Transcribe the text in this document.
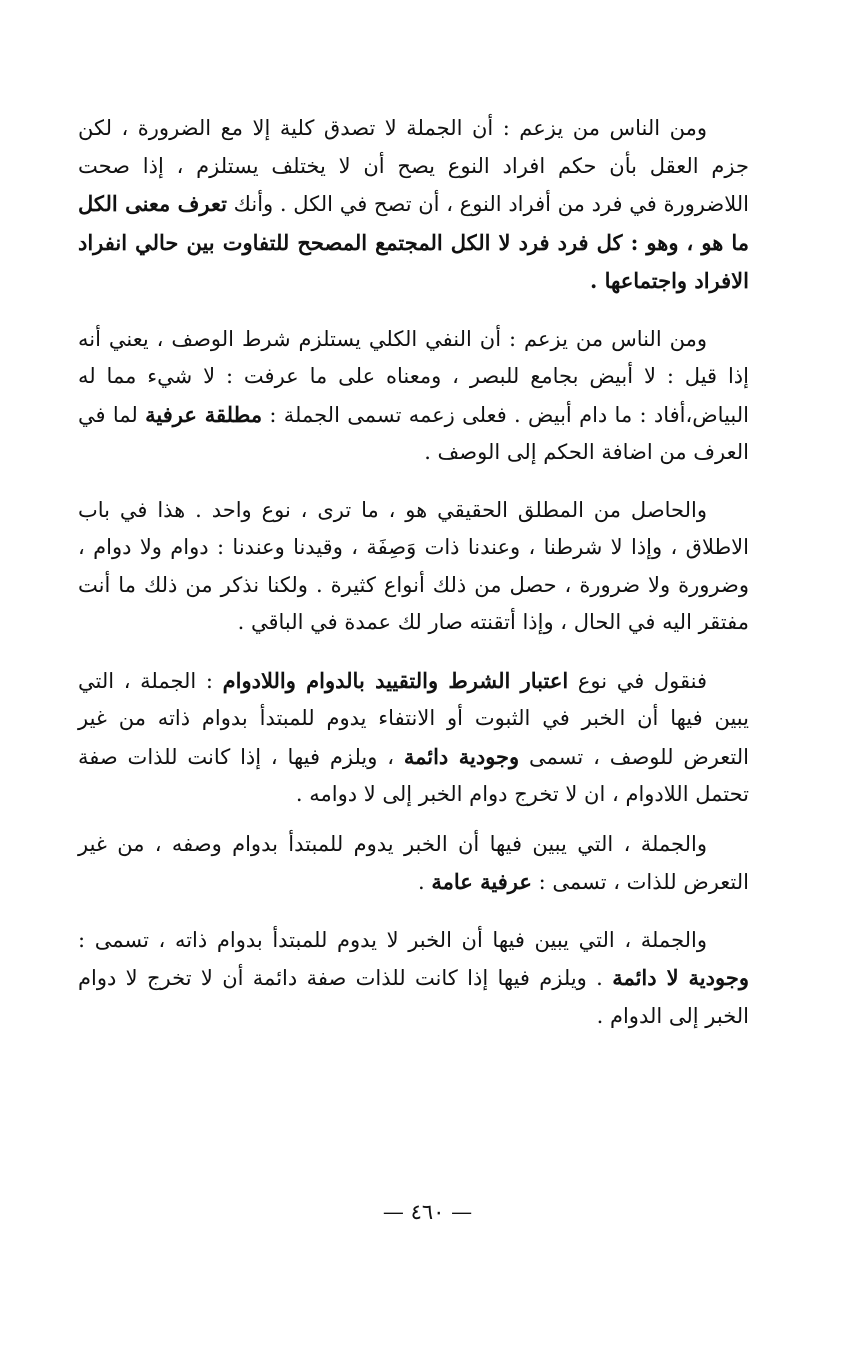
ومن الناس من يزعم : أن الجملة لا تصدق كلية إلا مع الضرورة ، لكن جزم العقل بأن حكم افراد النوع يصح أن لا يختلف يستلزم ، إذا صحت اللاضرورة في فرد من أفراد النوع ، أن تصح في الكل . وأنك تعرف معنى الكل ما هو ، وهو : كل فرد فرد لا الكل المجتمع المصحح للتفاوت بين حالي انفراد الافراد واجتماعها .

ومن الناس من يزعم : أن النفي الكلي يستلزم شرط الوصف ، يعني أنه إذا قيل : لا أبيض بجامع للبصر ، ومعناه على ما عرفت : لا شيء مما له البياض،أفاد : ما دام أبيض . فعلى زعمه تسمى الجملة : مطلقة عرفية لما في العرف من اضافة الحكم إلى الوصف .

والحاصل من المطلق الحقيقي هو ، ما ترى ، نوع واحد . هذا في باب الاطلاق ، وإذا لا شرطنا ، وعندنا ذات وَصِفَة ، وقيدنا وعندنا : دوام ولا دوام ، وضرورة ولا ضرورة ، حصل من ذلك أنواع كثيرة . ولكنا نذكر من ذلك ما أنت مفتقر اليه في الحال ، وإذا أتقنته صار لك عمدة في الباقي .

فنقول في نوع اعتبار الشرط والتقييد بالدوام واللادوام : الجملة ، التي يبين فيها أن الخبر في الثبوت أو الانتفاء يدوم للمبتدأ بدوام ذاته من غير التعرض للوصف ، تسمى وجودية دائمة ، ويلزم فيها ، إذا كانت للذات صفة تحتمل اللادوام ، ان لا تخرج دوام الخبر إلى لا دوامه .

والجملة ، التي يبين فيها أن الخبر يدوم للمبتدأ بدوام وصفه ، من غير التعرض للذات ، تسمى : عرفية عامة .

والجملة ، التي يبين فيها أن الخبر لا يدوم للمبتدأ بدوام ذاته ، تسمى : وجودية لا دائمة . ويلزم فيها إذا كانت للذات صفة دائمة أن لا تخرج لا دوام الخبر إلى الدوام .

— ٤٦٠ —
